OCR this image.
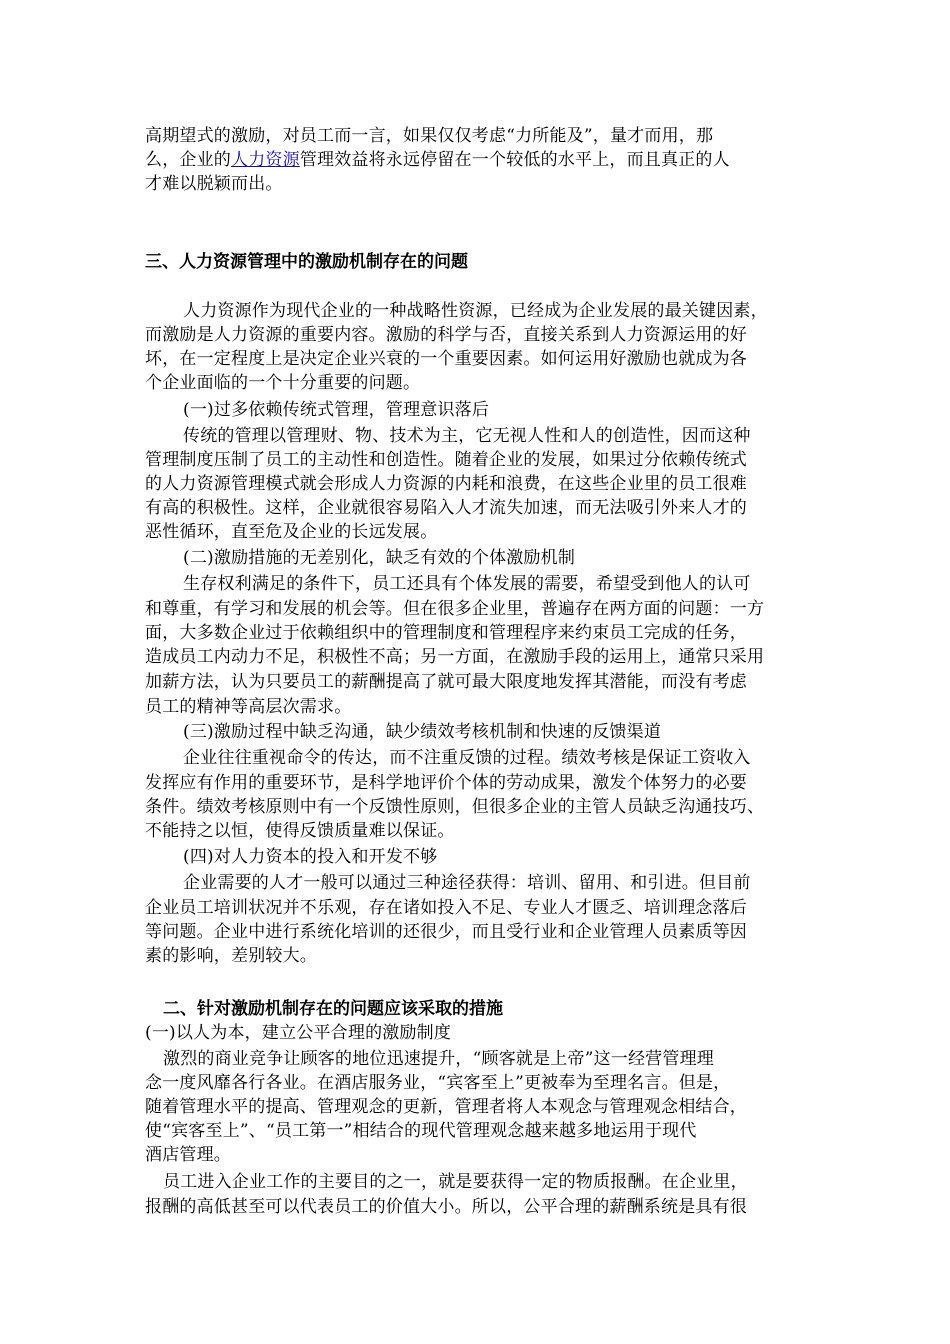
高期望式的激励，对员工而一言，如果仅仅考虑“力所能及”，量才而用，那
么，企业的人力资源管理效益将永远停留在一个较低的水平上，而且真正的人
才难以脱颖而出。
三、人力资源管理中的激励机制存在的问题
人力资源作为现代企业的一种战略性资源，已经成为企业发展的最关键因素，
而激励是人力资源的重要内容。激励的科学与否，直接关系到人力资源运用的好
坏，在一定程度上是决定企业兴衰的一个重要因素。如何运用好激励也就成为各
个企业面临的一个十分重要的问题。
(一)过多依赖传统式管理，管理意识落后
传统的管理以管理财、物、技术为主，它无视人性和人的创造性，因而这种
管理制度压制了员工的主动性和创造性。随着企业的发展，如果过分依赖传统式
的人力资源管理模式就会形成人力资源的内耗和浪费，在这些企业里的员工很难
有高的积极性。这样，企业就很容易陷入人才流失加速，而无法吸引外来人才的
恶性循环，直至危及企业的长远发展。
(二)激励措施的无差别化，缺乏有效的个体激励机制
生存权利满足的条件下，员工还具有个体发展的需要，希望受到他人的认可
和尊重，有学习和发展的机会等。但在很多企业里，普遍存在两方面的问题：一方
面，大多数企业过于依赖组织中的管理制度和管理程序来约束员工完成的任务，
造成员工内动力不足，积极性不高；另一方面，在激励手段的运用上，通常只采用
加薪方法，认为只要员工的薪酬提高了就可最大限度地发挥其潜能，而没有考虑
员工的精神等高层次需求。
(三)激励过程中缺乏沟通，缺少绩效考核机制和快速的反馈渠道
企业往往重视命令的传达，而不注重反馈的过程。绩效考核是保证工资收入
发挥应有作用的重要环节，是科学地评价个体的劳动成果，激发个体努力的必要
条件。绩效考核原则中有一个反馈性原则，但很多企业的主管人员缺乏沟通技巧、
不能持之以恒，使得反馈质量难以保证。
(四)对人力资本的投入和开发不够
企业需要的人才一般可以通过三种途径获得：培训、留用、和引进。但目前
企业员工培训状况并不乐观，存在诸如投入不足、专业人才匮乏、培训理念落后
等问题。企业中进行系统化培训的还很少，而且受行业和企业管理人员素质等因
素的影响，差别较大。
二、针对激励机制存在的问题应该采取的措施
(一)以人为本，建立公平合理的激励制度
激烈的商业竞争让顾客的地位迅速提升，“顾客就是上帝”这一经营管理理
念一度风靡各行各业。在酒店服务业，“宾客至上”更被奉为至理名言。但是，
随着管理水平的提高、管理观念的更新，管理者将人本观念与管理观念相结合，
使“宾客至上”、“员工第一”相结合的现代管理观念越来越多地运用于现代
酒店管理。
员工进入企业工作的主要目的之一，就是要获得一定的物质报酬。在企业里，
报酬的高低甚至可以代表员工的价值大小。所以，公平合理的薪酬系统是具有很
